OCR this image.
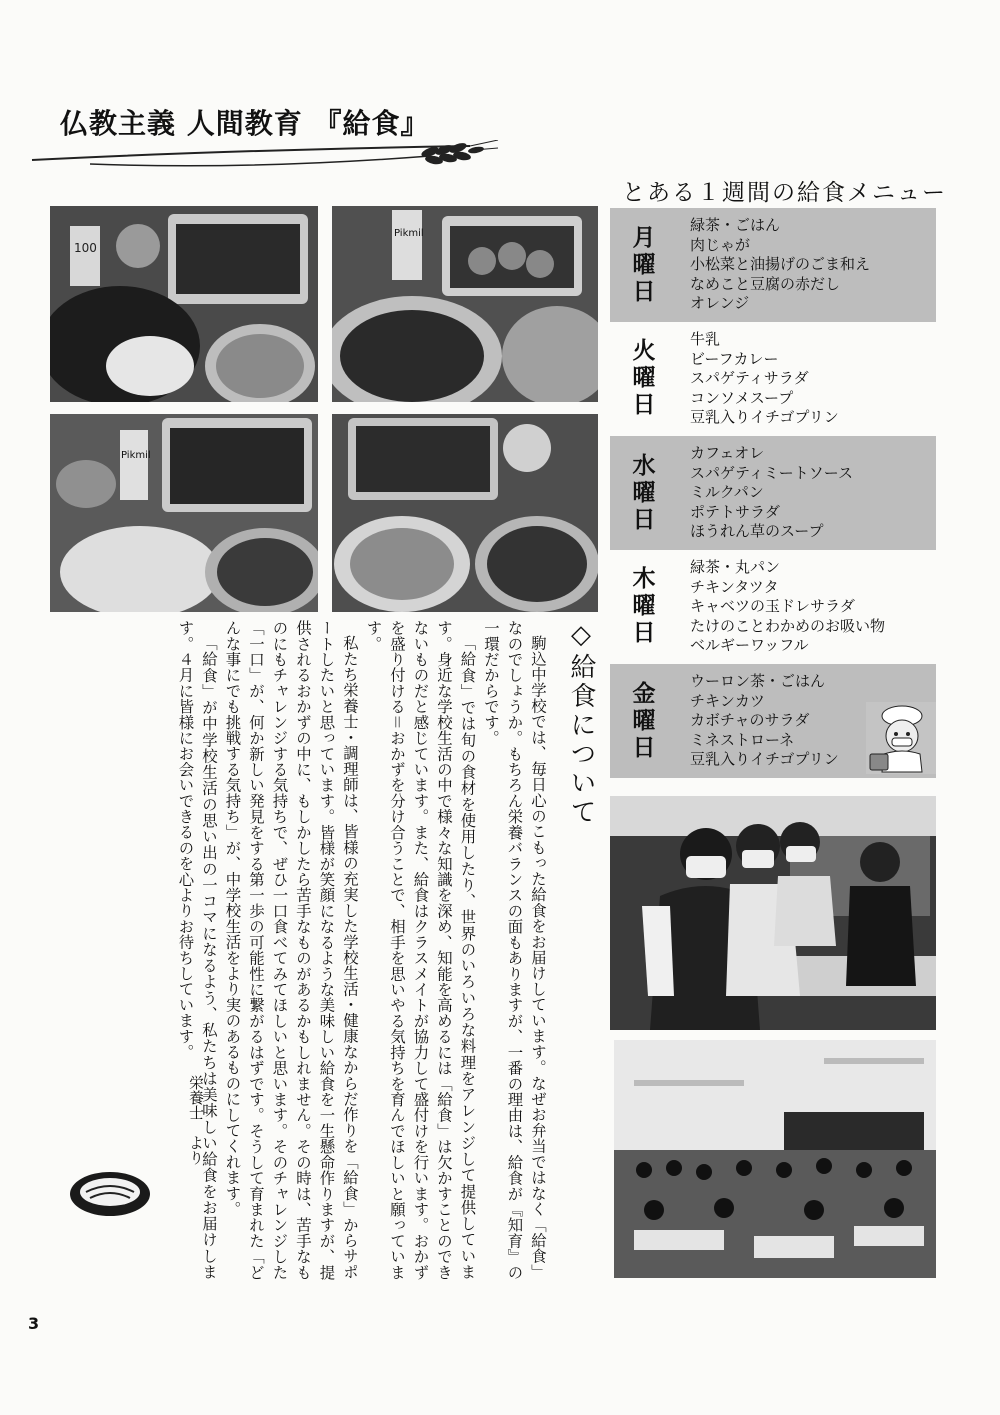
仏教主義 人間教育 『給食』
とある１週間の給食メニュー
100
Pikmil
Pikmil
月
曜
日
緑茶・ごはん
肉じゃが
小松菜と油揚げのごま和え
なめこと豆腐の赤だし
オレンジ
火
曜
日
牛乳
ビーフカレー
スパゲティサラダ
コンソメスープ
豆乳入りイチゴプリン
水
曜
日
カフェオレ
スパゲティミートソース
ミルクパン
ポテトサラダ
ほうれん草のスープ
木
曜
日
緑茶・丸パン
チキンタツタ
キャベツの玉ドレサラダ
たけのことわかめのお吸い物
ベルギーワッフル
金
曜
日
ウーロン茶・ごはん
チキンカツ
カボチャのサラダ
ミネストローネ
豆乳入りイチゴプリン
◇給食について

駒込中学校では、毎日心のこもった給食をお届けしています。なぜお弁当ではなく「給食」なのでしょうか。もちろん栄養バランスの面もありますが、一番の理由は、給食が『知育』の一環だからです。

「給食」では旬の食材を使用したり、世界のいろいろな料理をアレンジして提供しています。身近な学校生活の中で様々な知識を深め、知能を高めるには「給食」は欠かすことのできないものだと感じています。また、給食はクラスメイトが協力して盛付けを行います。おかずを盛り付ける＝おかずを分け合うことで、相手を思いやる気持ちを育んでほしいと願っています。

私たち栄養士・調理師は、皆様の充実した学校生活・健康なからだ作りを「給食」からサポートしたいと思っています。皆様が笑顔になるような美味しい給食を一生懸命作りますが、提供されるおかずの中に、もしかしたら苦手なものがあるかもしれません。その時は、苦手なものにもチャレンジする気持ちで、ぜひ一口食べてみてほしいと思います。そのチャレンジした「一口」が、何か新しい発見をする第一歩の可能性に繋がるはずです。そうして育まれた「どんな事にでも挑戦する気持ち」が、中学校生活をより実のあるものにしてくれます。

「給食」が中学校生活の思い出の一コマになるよう、私たちは美味しい給食をお届けします。４月に皆様にお会いできるのを心よりお待ちしています。

栄養士　より
3
